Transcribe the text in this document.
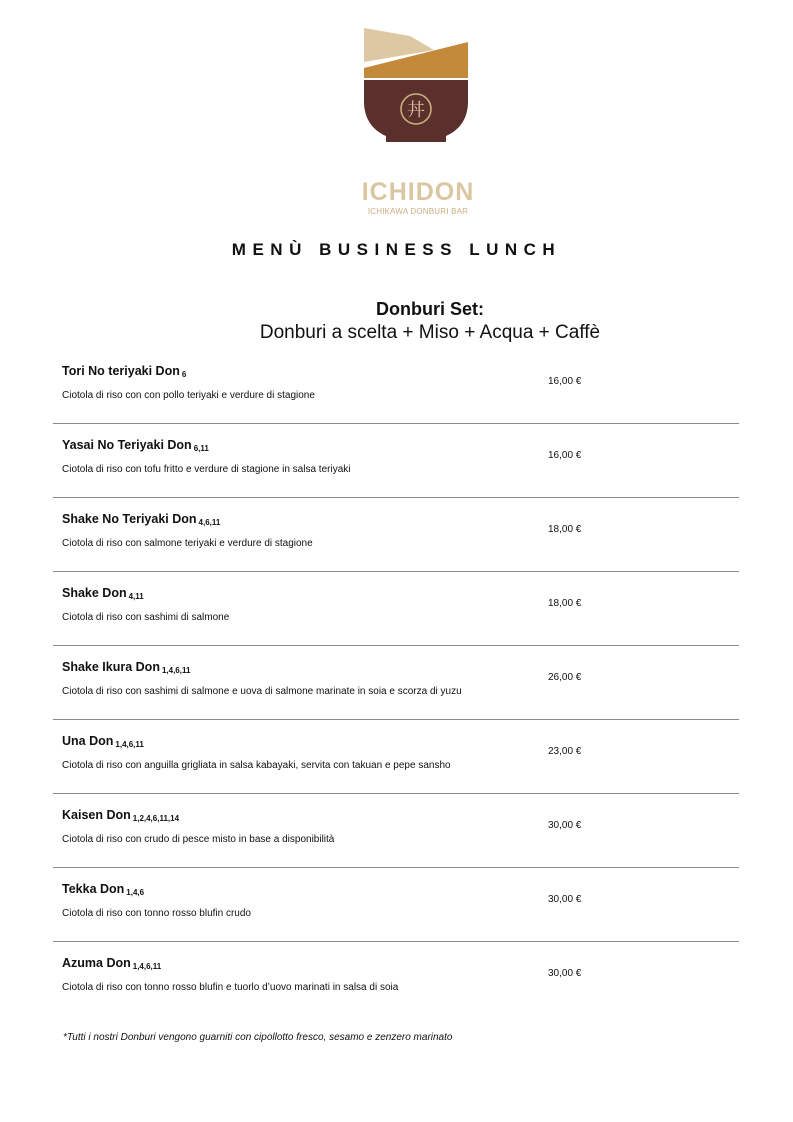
丼

ICHIDON

ICHIKAWA DONBURI BAR

MENÙ BUSINESS LUNCH
Donburi Set:

Donburi a scelta + Miso + Acqua + Caffè

Tori No teriyaki Don 6
Ciotola di riso con con pollo teriyaki e verdure di stagione
16,00 €
Yasai No Teriyaki Don 6,11
Ciotola di riso con tofu fritto e verdure di stagione in salsa teriyaki
16,00 €
Shake No Teriyaki Don 4,6,11
Ciotola di riso con salmone teriyaki e verdure di stagione
18,00 €
Shake Don 4,11
Ciotola di riso con sashimi di salmone
18,00 €
Shake Ikura Don 1,4,6,11
Ciotola di riso con sashimi di salmone e uova di salmone marinate in soia e scorza di yuzu
26,00 €
Una Don 1,4,6,11
Ciotola di riso con anguilla grigliata in salsa kabayaki, servita con takuan e pepe sansho
23,00 €
Kaisen Don 1,2,4,6,11,14
Ciotola di riso con crudo di pesce misto in base a disponibilità
30,00 €
Tekka Don 1,4,6
Ciotola di riso con tonno rosso blufin crudo
30,00 €
Azuma Don 1,4,6,11
Ciotola di riso con tonno rosso blufin e tuorlo d’uovo marinati in salsa di soia
30,00 €

*Tutti i nostri Donburi vengono guarniti con cipollotto fresco, sesamo e zenzero marinato
